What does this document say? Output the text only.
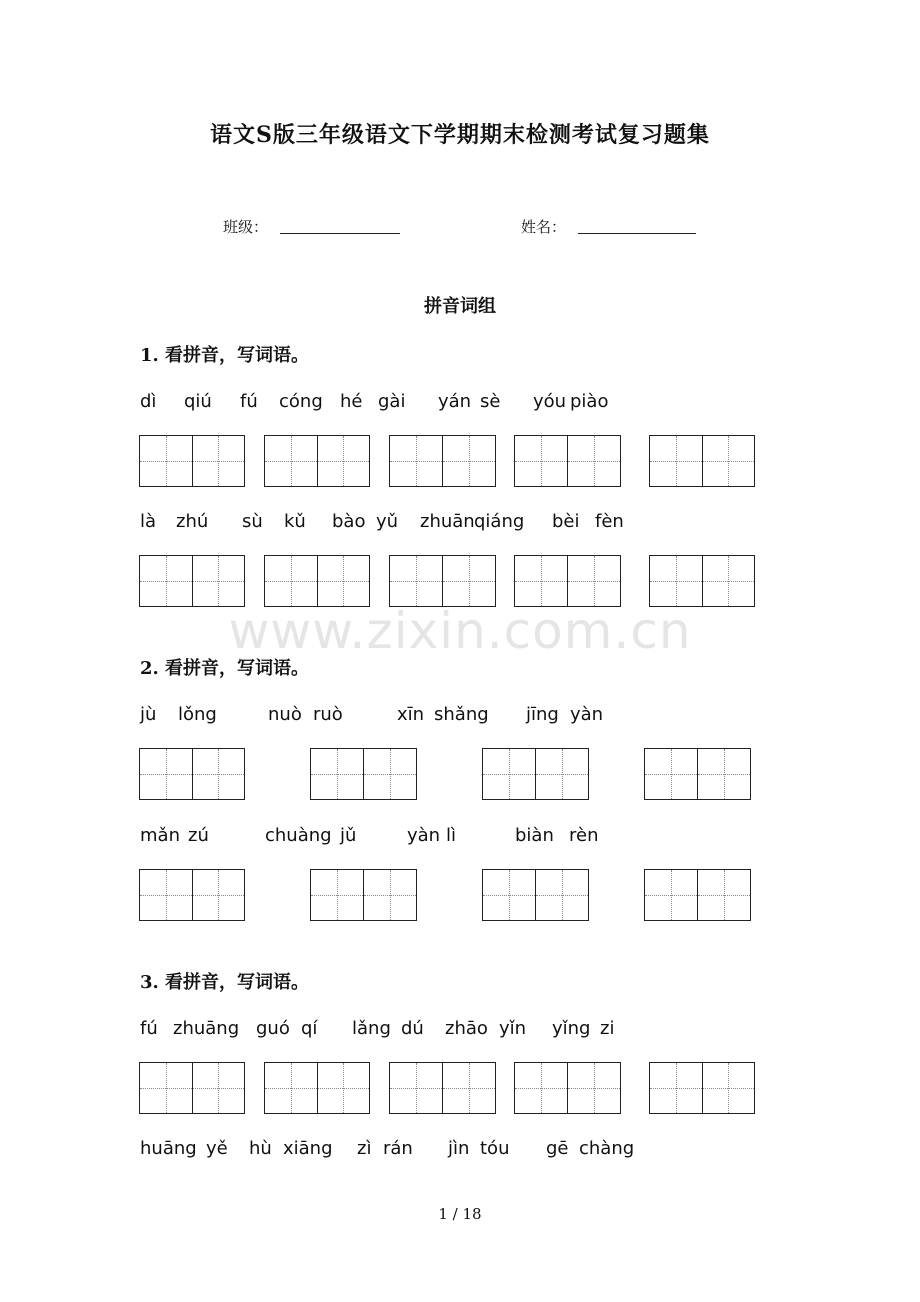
语文S版三年级语文下学期期末检测考试复习题集
班级：	姓名：
拼音词组
1. 看拼音，写词语。
dì qiú fú cóng hé gài yán sè yóu piào
là zhú sù kǔ bào yǔ zhuān qiáng bèi fèn
www.zixin.com.cn
2. 看拼音，写词语。
jù lǒng	nuò ruò	xīn shǎng jīng yàn
mǎn zú	chuàng jǔ	yàn lì	biàn rèn
3. 看拼音，写词语。
fú zhuāng guó qí lǎng dú zhāo yǐn yǐng zi
huāng yě hù xiāng zì rán jìn tóu gē chàng
1 / 18
